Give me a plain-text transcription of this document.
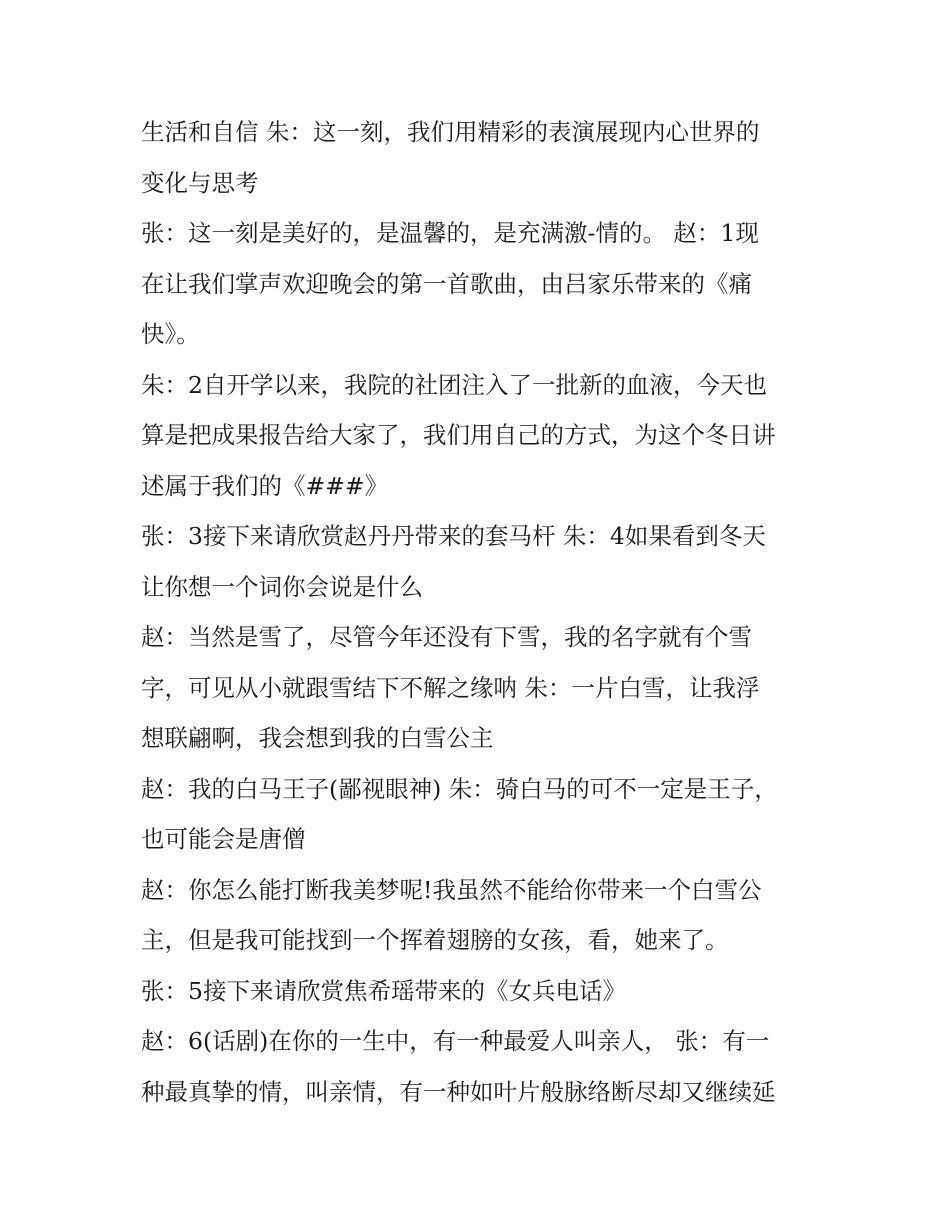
生活和自信 朱：这一刻，我们用精彩的表演展现内心世界的
变化与思考
张：这一刻是美好的，是温馨的，是充满激-情的。 赵：1现
在让我们掌声欢迎晚会的第一首歌曲，由吕家乐带来的《痛
快》。
朱：2自开学以来，我院的社团注入了一批新的血液，今天也
算是把成果报告给大家了，我们用自己的方式，为这个冬日讲
述属于我们的《###》
张：3接下来请欣赏赵丹丹带来的套马杆 朱：4如果看到冬天
让你想一个词你会说是什么
赵：当然是雪了，尽管今年还没有下雪，我的名字就有个雪
字，可见从小就跟雪结下不解之缘呐 朱：一片白雪，让我浮
想联翩啊，我会想到我的白雪公主
赵：我的白马王子(鄙视眼神) 朱：骑白马的可不一定是王子，
也可能会是唐僧
赵：你怎么能打断我美梦呢!我虽然不能给你带来一个白雪公
主，但是我可能找到一个挥着翅膀的女孩，看，她来了。
张：5接下来请欣赏焦希瑶带来的《女兵电话》
赵：6(话剧)在你的一生中，有一种最爱人叫亲人， 张：有一
种最真挚的情，叫亲情，有一种如叶片般脉络断尽却又继续延
